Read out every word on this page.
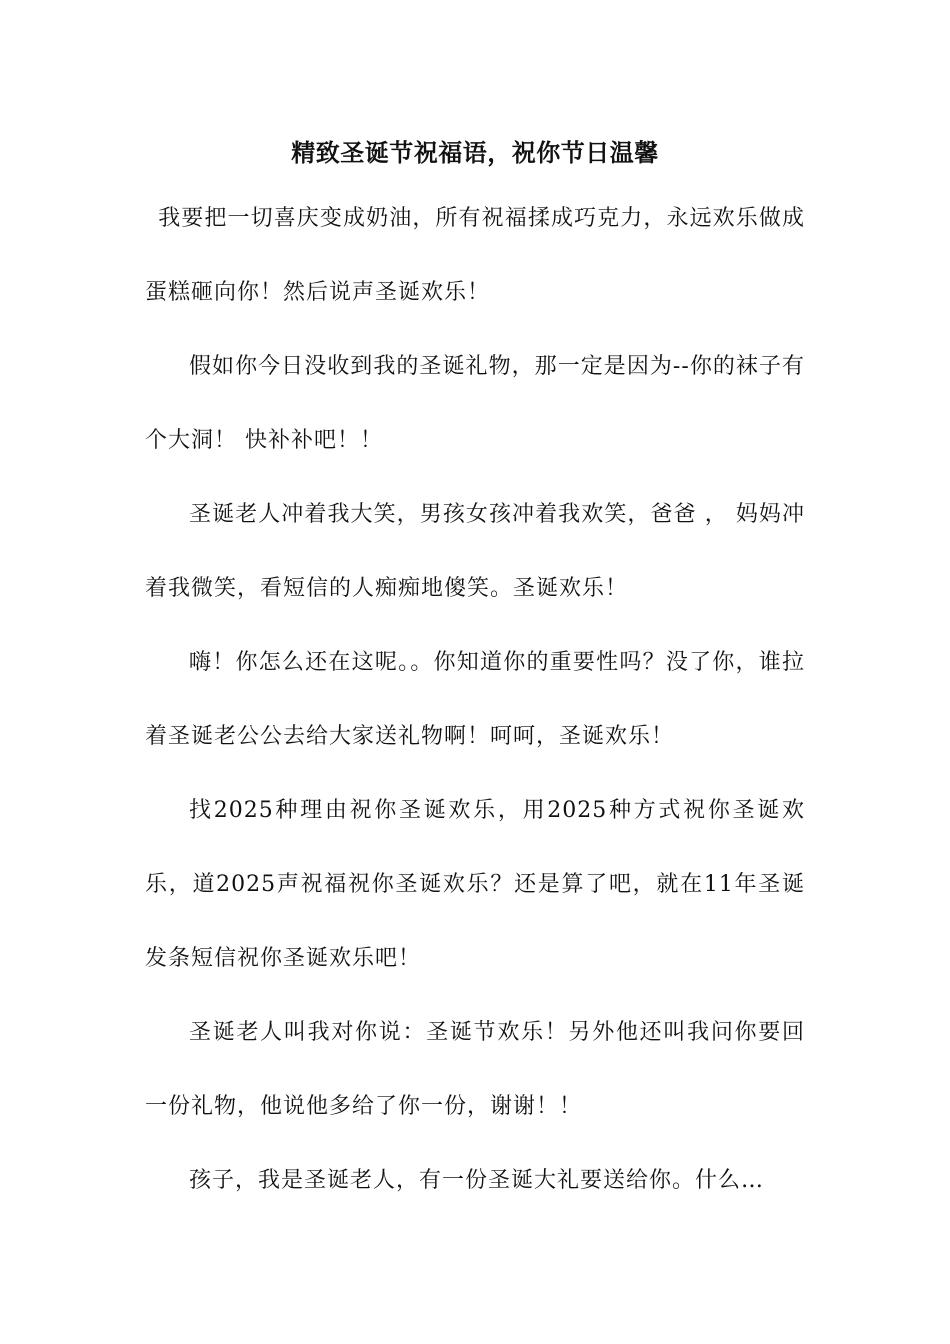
精致圣诞节祝福语，祝你节日温馨

我要把一切喜庆变成奶油，所有祝福揉成巧克力，永远欢乐做成蛋糕砸向你！然后说声圣诞欢乐！

假如你今日没收到我的圣诞礼物，那一定是因为--你的袜子有个大洞！ 快补补吧！！

圣诞老人冲着我大笑，男孩女孩冲着我欢笑，爸爸 ， 妈妈冲着我微笑，看短信的人痴痴地傻笑。圣诞欢乐！

嗨！你怎么还在这呢。。你知道你的重要性吗？没了你，谁拉着圣诞老公公去给大家送礼物啊！呵呵，圣诞欢乐！

找2025种理由祝你圣诞欢乐，用2025种方式祝你圣诞欢乐，道2025声祝福祝你圣诞欢乐？还是算了吧，就在11年圣诞发条短信祝你圣诞欢乐吧！

圣诞老人叫我对你说：圣诞节欢乐！另外他还叫我问你要回一份礼物，他说他多给了你一份，谢谢！！

孩子，我是圣诞老人，有一份圣诞大礼要送给你。什么…
